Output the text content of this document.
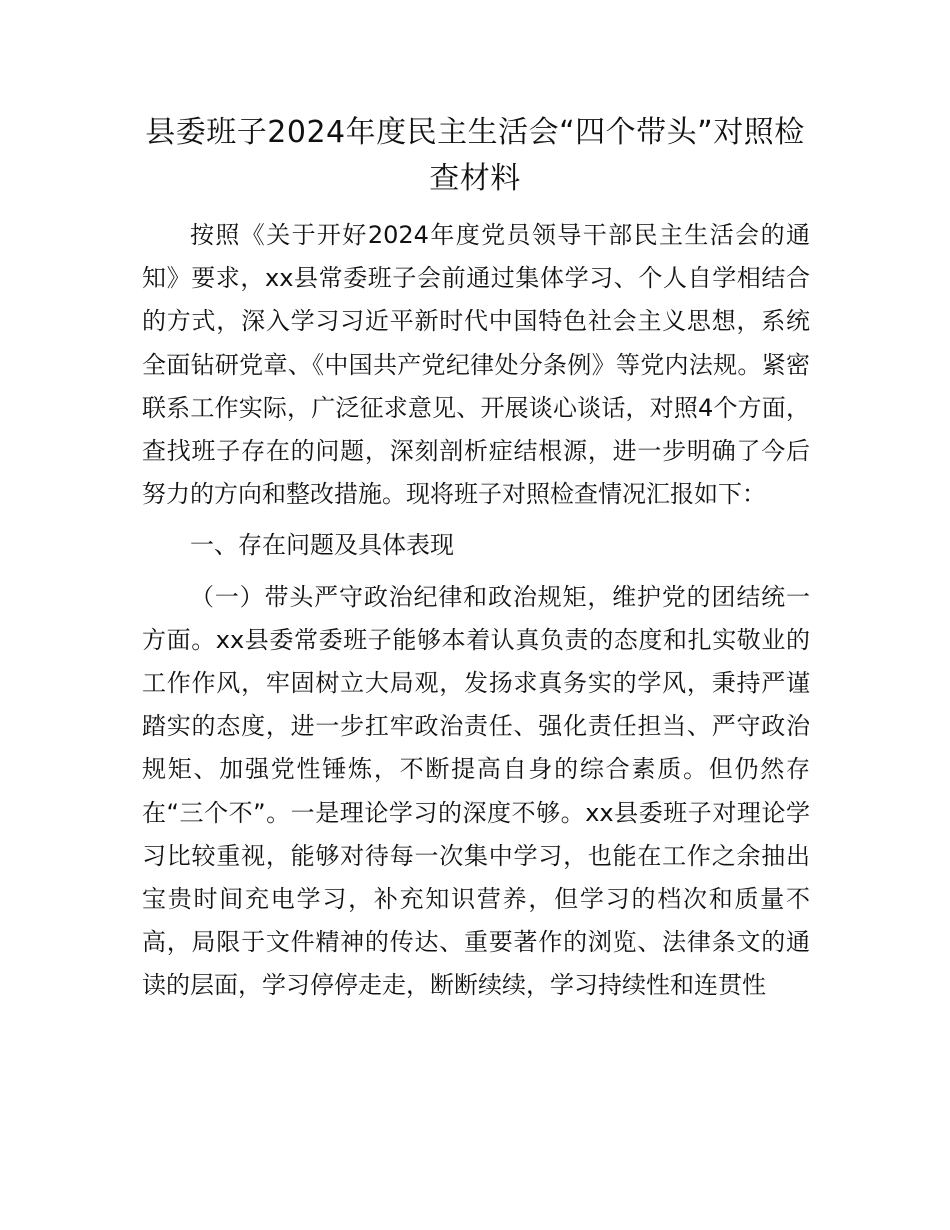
县委班子2024年度民主生活会“四个带头”对照检查材料

按照《关于开好2024年度党员领导干部民主生活会的通知》要求，xx县常委班子会前通过集体学习、个人自学相结合的方式，深入学习习近平新时代中国特色社会主义思想，系统全面钻研党章、《中国共产党纪律处分条例》等党内法规。紧密联系工作实际，广泛征求意见、开展谈心谈话，对照4个方面，查找班子存在的问题，深刻剖析症结根源，进一步明确了今后努力的方向和整改措施。现将班子对照检查情况汇报如下：

一、存在问题及具体表现

（一）带头严守政治纪律和政治规矩，维护党的团结统一方面。xx县委常委班子能够本着认真负责的态度和扎实敬业的工作作风，牢固树立大局观，发扬求真务实的学风，秉持严谨踏实的态度，进一步扛牢政治责任、强化责任担当、严守政治规矩、加强党性锤炼，不断提高自身的综合素质。但仍然存在“三个不”。一是理论学习的深度不够。xx县委班子对理论学习比较重视，能够对待每一次集中学习，也能在工作之余抽出宝贵时间充电学习，补充知识营养，但学习的档次和质量不高，局限于文件精神的传达、重要著作的浏览、法律条文的通读的层面，学习停停走走，断断续续，学习持续性和连贯性
